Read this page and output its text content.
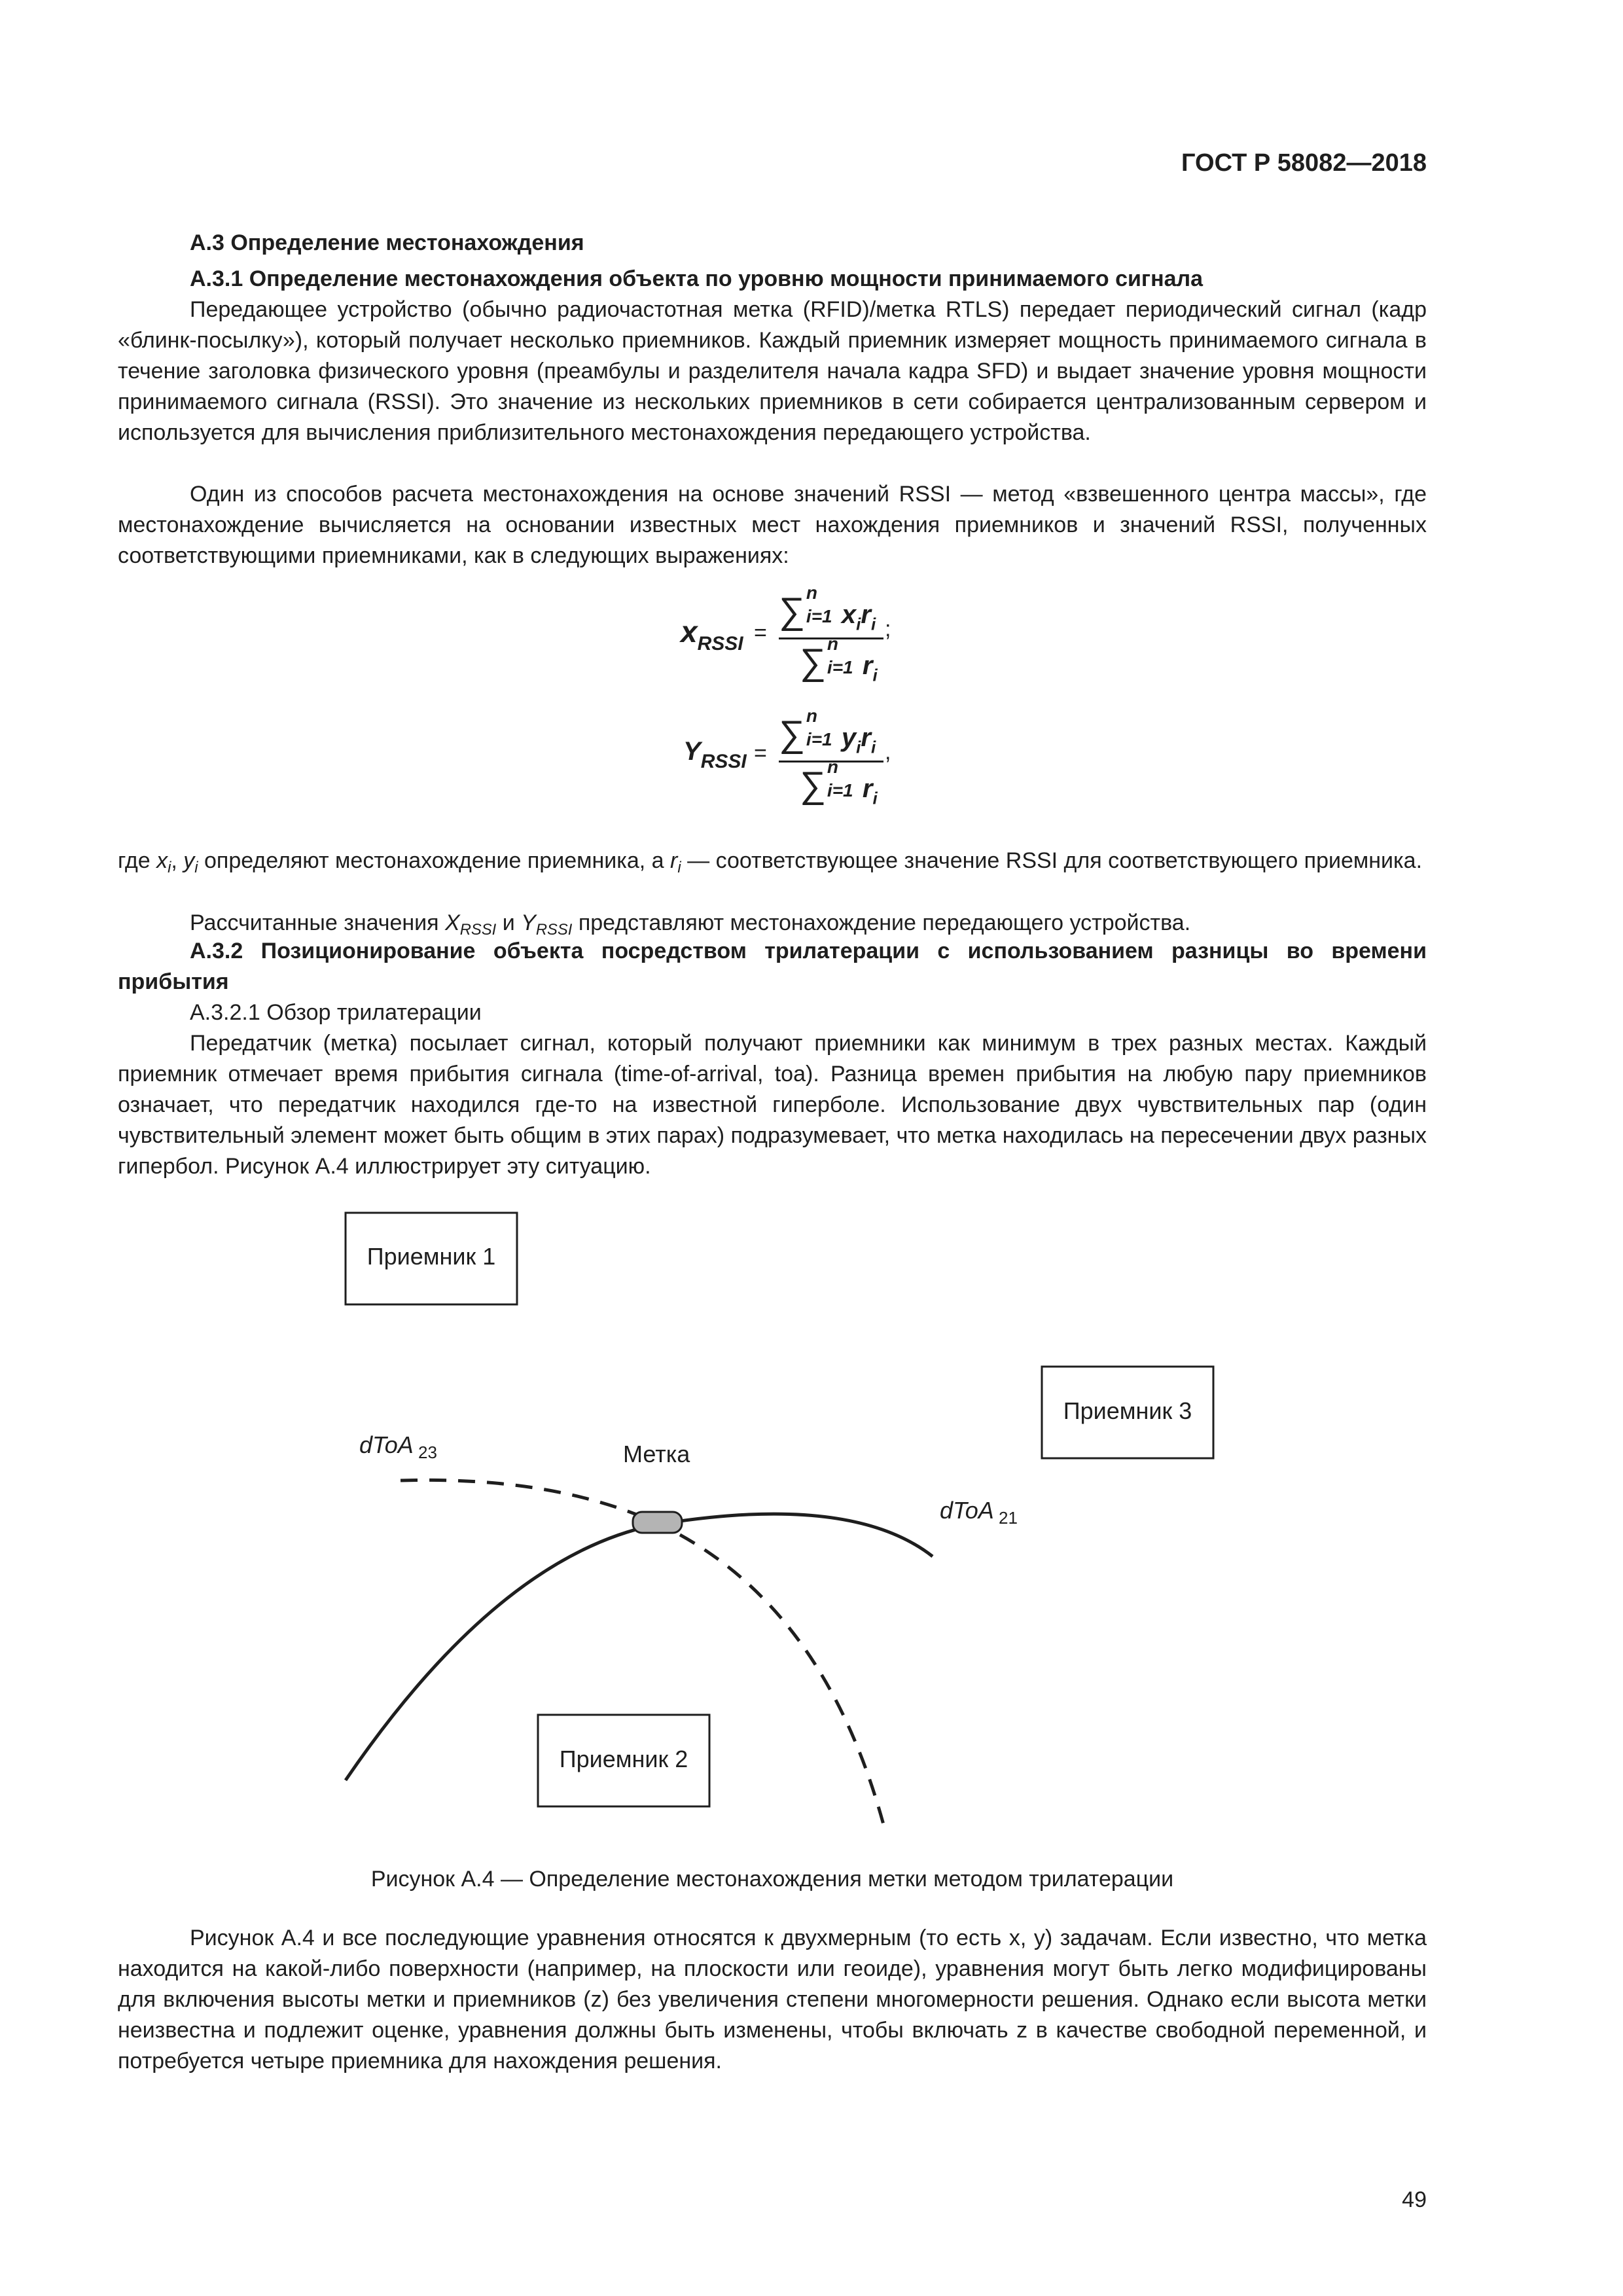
ГОСТ Р 58082—2018
А.3 Определение местонахождения
А.3.1 Определение местонахождения объекта по уровню мощности принимаемого сигнала
Передающее устройство (обычно радиочастотная метка (RFID)/метка RTLS) передает периодический сигнал (кадр «блинк-посылку»), который получает несколько приемников. Каждый приемник измеряет мощность принимаемого сигнала в течение заголовка физического уровня (преамбулы и разделителя начала кадра SFD) и выдает значение уровня мощности принимаемого сигнала (RSSI). Это значение из нескольких приемников в сети собирается централизованным сервером и используется для вычисления приблизительного местонахождения передающего устройства.
Один из способов расчета местонахождения на основе значений RSSI — метод «взвешенного центра массы», где местонахождение вычисляется на основании известных мест нахождения приемников и значений RSSI, полученных соответствующими приемниками, как в следующих выражениях:
$x_{RSSI}$ =
∑ n
i=1 xiri ;
∑ n
i=1 ri
$Y_{RSSI}$ = ∑ n
i=1 yiri ,
∑ n
i=1 ri
где $x_i$, $y_i$ определяют местонахождение приемника, а $r_i$ — соответствующее значение RSSI для соответствующего приемника.
Рассчитанные значения $X_{RSSI}$ и $Y_{RSSI}$ представляют местонахождение передающего устройства.
А.3.2 Позиционирование объекта посредством трилатерации с использованием разницы во времени прибытия
А.3.2.1 Обзор трилатерации
Передатчик (метка) посылает сигнал, который получают приемники как минимум в трех разных местах. Каждый приемник отмечает время прибытия сигнала (time-of-arrival, toa). Разница времен прибытия на любую пару приемников означает, что передатчик находился где-то на известной гиперболе. Использование двух чувствительных пар (один чувствительный элемент может быть общим в этих парах) подразумевает, что метка находилась на пересечении двух разных гипербол. Рисунок А.4 иллюстрирует эту ситуацию.
Приемник 1
Приемник 3
Приемник 2
Метка
dToA 23
dToA 21
Рисунок А.4 — Определение местонахождения метки методом трилатерации
Рисунок А.4 и все последующие уравнения относятся к двухмерным (то есть x, y) задачам. Если известно, что метка находится на какой-либо поверхности (например, на плоскости или геоиде), уравнения могут быть легко модифицированы для включения высоты метки и приемников (z) без увеличения степени многомерности решения. Однако если высота метки неизвестна и подлежит оценке, уравнения должны быть изменены, чтобы включать z в качестве свободной переменной, и потребуется четыре приемника для нахождения решения.
49
